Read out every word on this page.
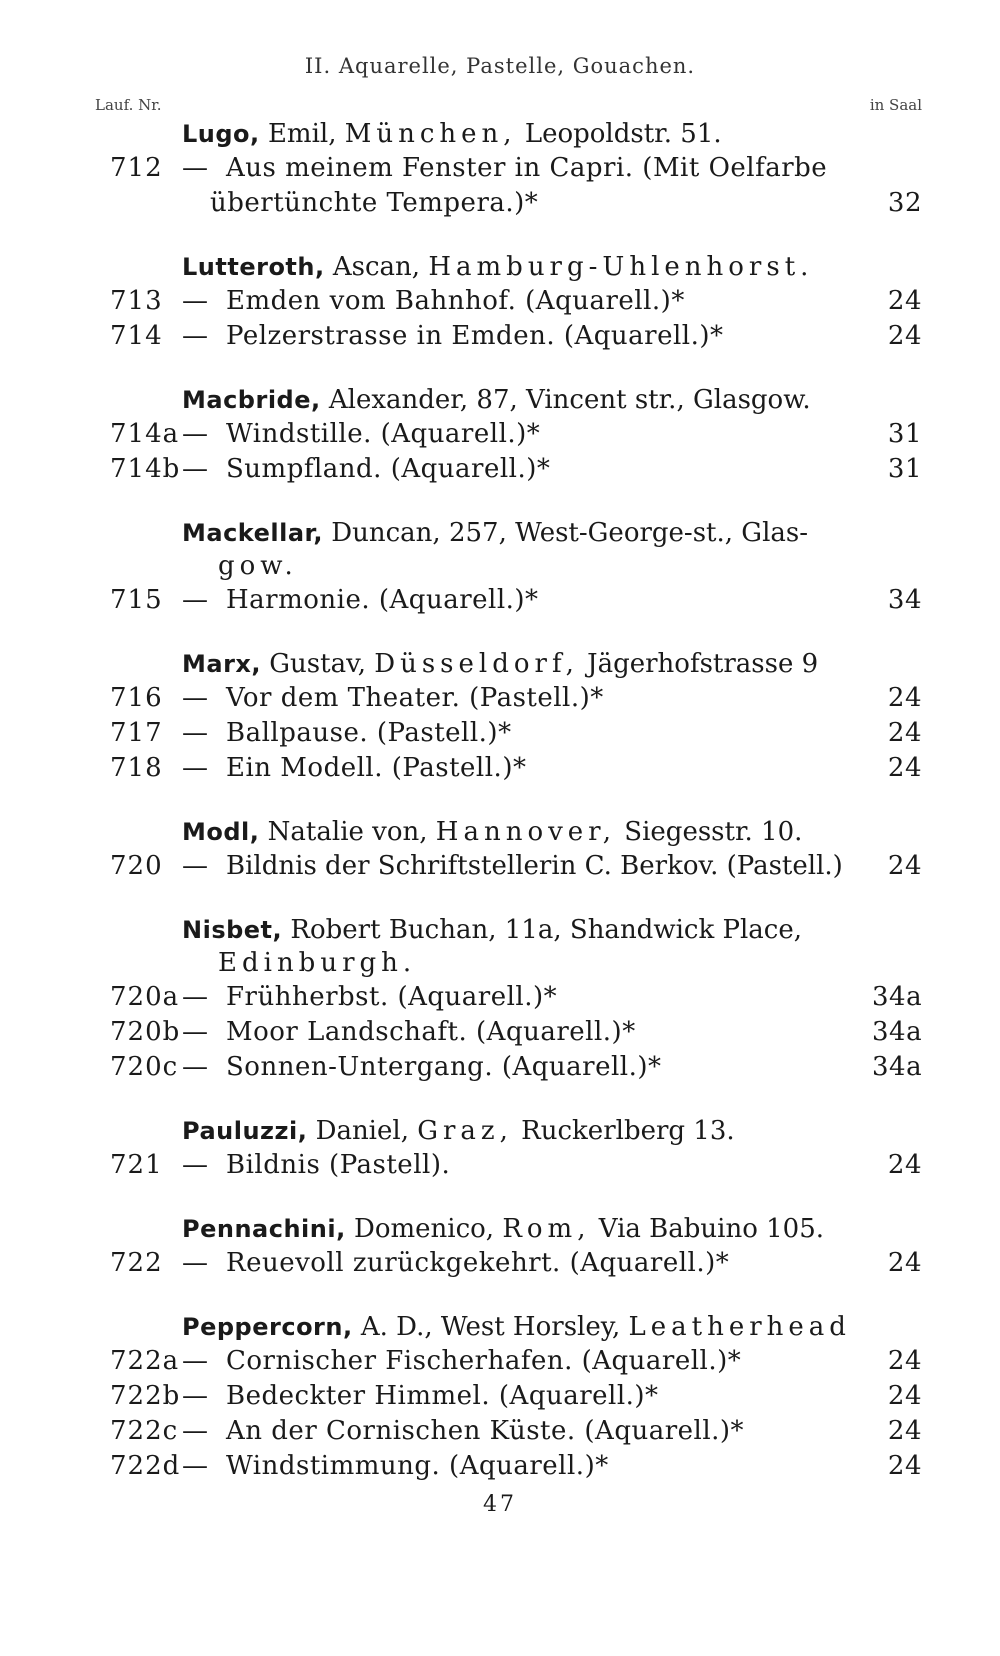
II. Aquarelle, Pastelle, Gouachen.
Lauf. Nr.	in Saal
Lugo, Emil, München, Leopoldstr. 51.
712 — Aus meinem Fenster in Capri. (Mit Oelfarbe
übertünchte Tempera.)*	32
Lutteroth, Ascan, Hamburg-Uhlenhorst.
713 — Emden vom Bahnhof. (Aquarell.)*	24
714 — Pelzerstrasse in Emden. (Aquarell.)*	24
Macbride, Alexander, 87, Vincent str., Glasgow.
714a — Windstille. (Aquarell.)*	31
714b — Sumpfland. (Aquarell.)*	31
Mackellar, Duncan, 257, West-George-st., Glas-
gow.
715 — Harmonie. (Aquarell.)*	34
Marx, Gustav, Düsseldorf, Jägerhofstrasse 9
716 — Vor dem Theater. (Pastell.)*	24
717 — Ballpause. (Pastell.)*	24
718 — Ein Modell. (Pastell.)*	24
Modl, Natalie von, Hannover, Siegesstr. 10.
720 — Bildnis der Schriftstellerin C. Berkov. (Pastell.)	24
Nisbet, Robert Buchan, 11a, Shandwick Place,
Edinburgh.
720a — Frühherbst. (Aquarell.)*	34a
720b — Moor Landschaft. (Aquarell.)*	34a
720c — Sonnen-Untergang. (Aquarell.)*	34a
Pauluzzi, Daniel, Graz, Ruckerlberg 13.
721 — Bildnis (Pastell).	24
Pennachini, Domenico, Rom, Via Babuino 105.
722 — Reuevoll zurückgekehrt. (Aquarell.)*	24
Peppercorn, A. D., West Horsley, Leatherhead
722a — Cornischer Fischerhafen. (Aquarell.)*	24
722b — Bedeckter Himmel. (Aquarell.)*	24
722c — An der Cornischen Küste. (Aquarell.)*	24
722d — Windstimmung. (Aquarell.)*	24
47
